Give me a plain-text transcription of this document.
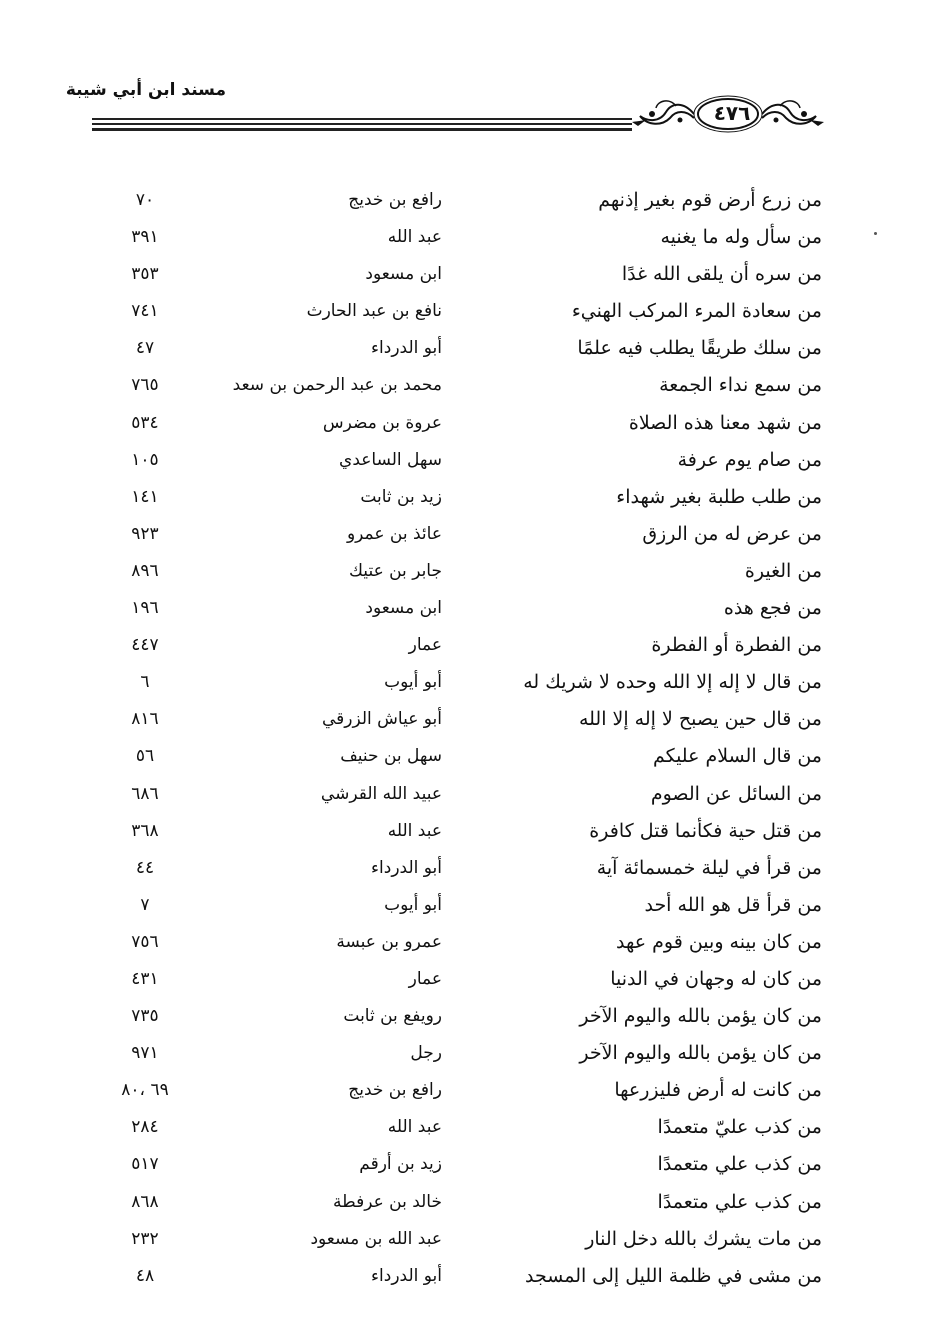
مسند ابن أبي شيبة
٤٧٦
من زرع أرض قوم بغير إذنهم
رافع بن خديج
٧٠
من سأل وله ما يغنيه
عبد الله
٣٩١
من سره أن يلقى الله غدًا
ابن مسعود
٣٥٣
من سعادة المرء المركب الهنيء
نافع بن عبد الحارث
٧٤١
من سلك طريقًا يطلب فيه علمًا
أبو الدرداء
٤٧
من سمع نداء الجمعة
محمد بن عبد الرحمن بن سعد
٧٦٥
من شهد معنا هذه الصلاة
عروة بن مضرس
٥٣٤
من صام يوم عرفة
سهل الساعدي
١٠٥
من طلب طلبة بغير شهداء
زيد بن ثابت
١٤١
من عرض له من الرزق
عائذ بن عمرو
٩٢٣
من الغيرة
جابر بن عتيك
٨٩٦
من فجع هذه
ابن مسعود
١٩٦
من الفطرة أو الفطرة
عمار
٤٤٧
من قال لا إله إلا الله وحده لا شريك له
أبو أيوب
٦
من قال حين يصبح لا إله إلا الله
أبو عياش الزرقي
٨١٦
من قال السلام عليكم
سهل بن حنيف
٥٦
من السائل عن الصوم
عبيد الله القرشي
٦٨٦
من قتل حية فكأنما قتل كافرة
عبد الله
٣٦٨
من قرأ في ليلة خمسمائة آية
أبو الدرداء
٤٤
من قرأ قل هو الله أحد
أبو أيوب
٧
من كان بينه وبين قوم عهد
عمرو بن عبسة
٧٥٦
من كان له وجهان في الدنيا
عمار
٤٣١
من كان يؤمن بالله واليوم الآخر
رويفع بن ثابت
٧٣٥
من كان يؤمن بالله واليوم الآخر
رجل
٩٧١
من كانت له أرض فليزرعها
رافع بن خديج
٦٩ ،٨٠
من كذب عليّ متعمدًا
عبد الله
٢٨٤
من كذب علي متعمدًا
زيد بن أرقم
٥١٧
من كذب علي متعمدًا
خالد بن عرفطة
٨٦٨
من مات يشرك بالله دخل النار
عبد الله بن مسعود
٢٣٢
من مشى في ظلمة الليل إلى المسجد
أبو الدرداء
٤٨
